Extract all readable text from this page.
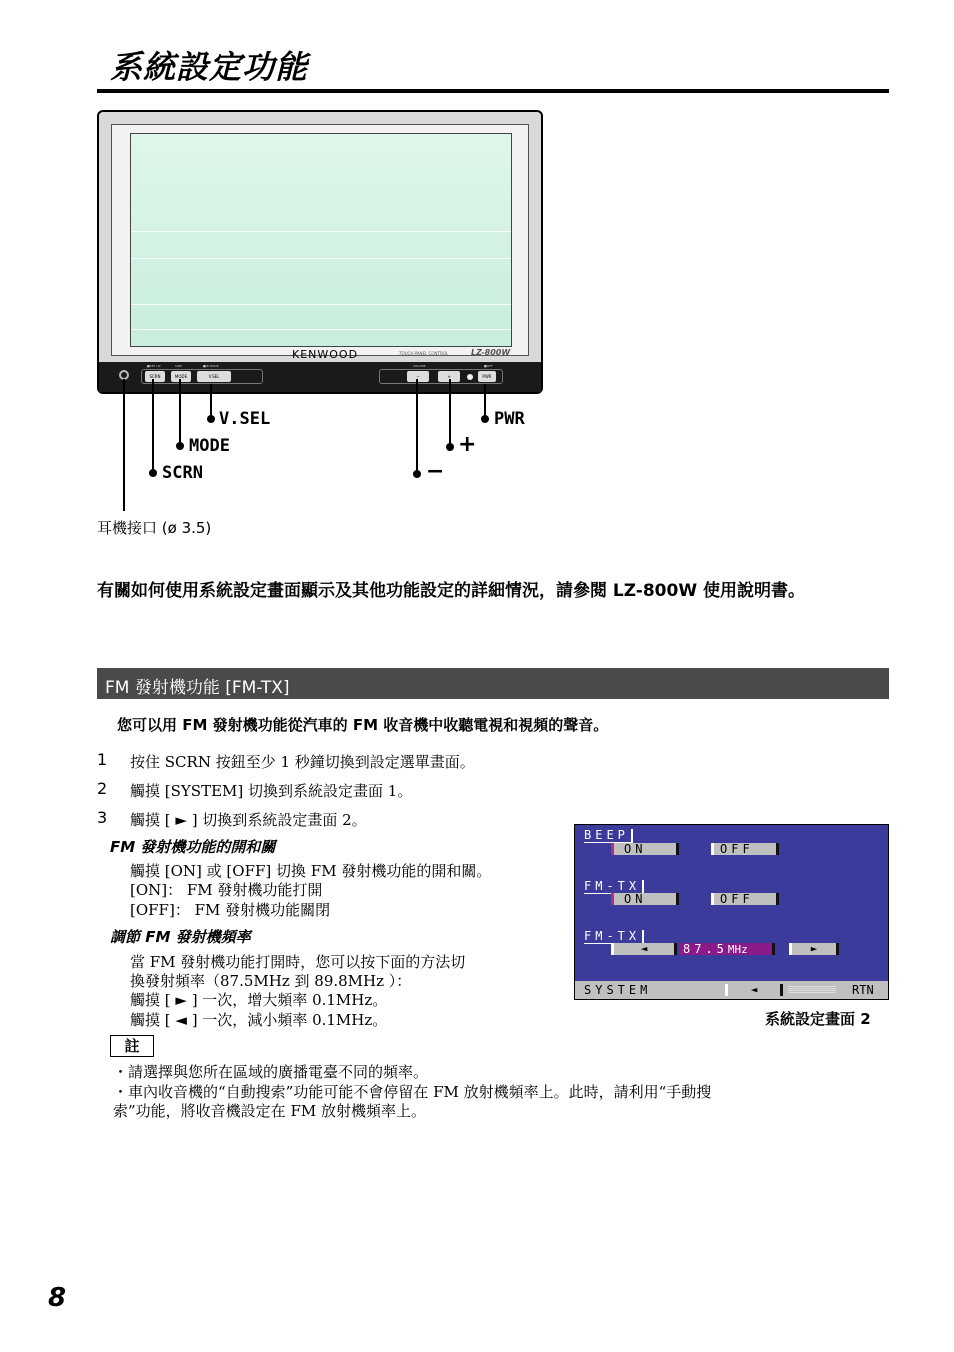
系統設定功能
KENWOOD	TOUCH PANEL CONTROL	LZ-800W
■SET UP	SIDE	■IP MODE
SCRN	MODE	V.SEL
VOLUME	■OFF
−	+	PWR
SCRN
MODE
V.SEL
−
+
PWR
耳機接口 (ø 3.5)
有關如何使用系統設定畫面顯示及其他功能設定的詳細情況，請參閱 LZ-800W 使用說明書。
FM 發射機功能 [FM-TX]
您可以用 FM 發射機功能從汽車的 FM 收音機中收聽電視和視頻的聲音。
1 按住 SCRN 按鈕至少 1 秒鐘切換到設定選單畫面。
2 觸摸 [SYSTEM] 切換到系統設定畫面 1。
3 觸摸 [ ► ] 切換到系統設定畫面 2。
FM 發射機功能的開和關
觸摸 [ON] 或 [OFF] 切換 FM 發射機功能的開和關。
[ON]： FM 發射機功能打開
[OFF]： FM 發射機功能關閉
調節 FM 發射機頻率
當 FM 發射機功能打開時，您可以按下面的方法切
換發射頻率（87.5MHz 到 89.8MHz ）：
觸摸 [ ► ] 一次，增大頻率 0.1MHz。
觸摸 [ ◄ ] 一次，減小頻率 0.1MHz。
註
・請選擇與您所在區域的廣播電臺不同的頻率。
・車內收音機的“自動搜索”功能可能不會停留在 FM 放射機頻率上。此時，請利用“手動搜
索”功能，將收音機設定在 FM 放射機頻率上。
BEEP
ON	OFF
FM-TX
ON	OFF
FM-TX
◄	87.5MHz	►
SYSTEM	◄	RTN
系統設定畫面 2
8
